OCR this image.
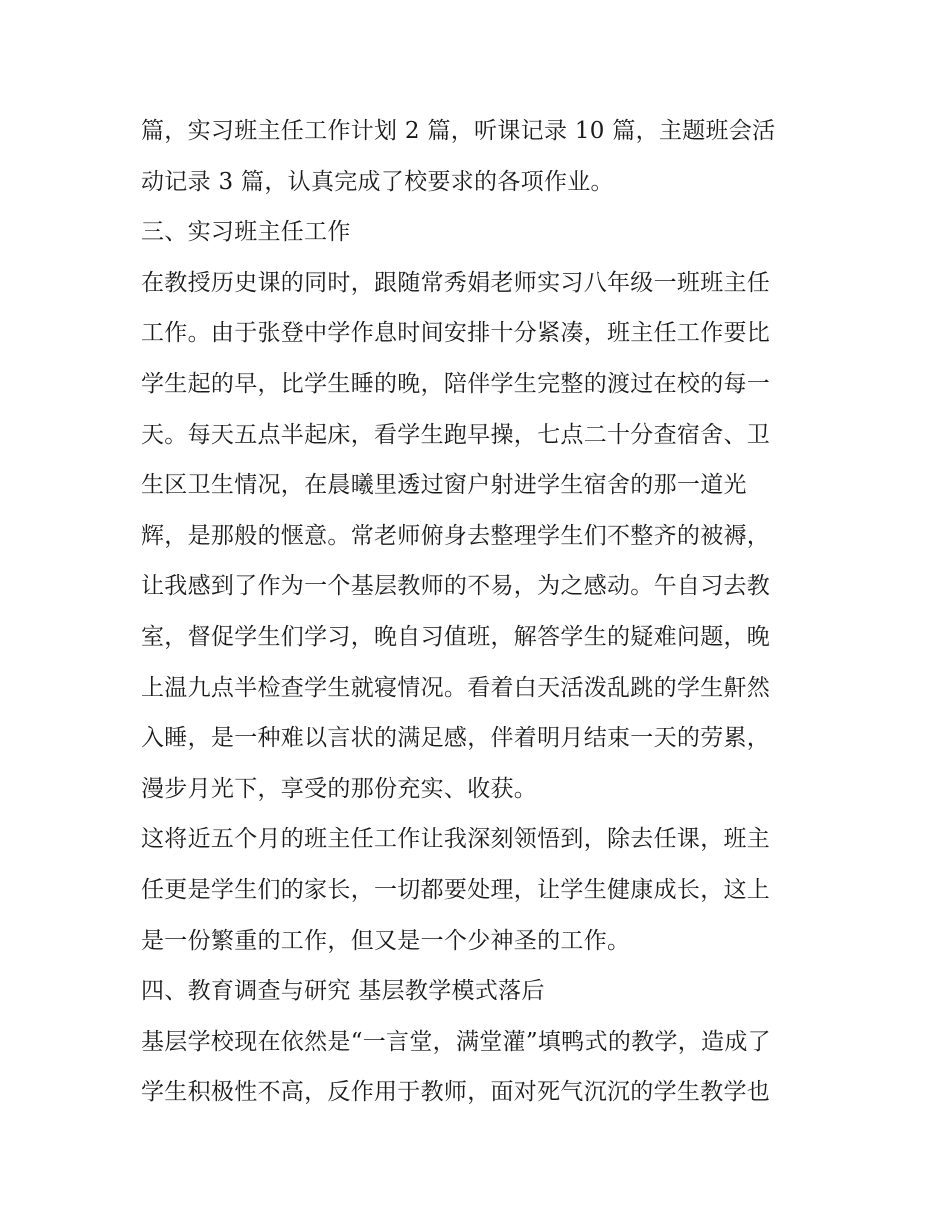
篇，实习班主任工作计划 2 篇，听课记录 10 篇，主题班会活
动记录 3 篇，认真完成了校要求的各项作业。
三、实习班主任工作
在教授历史课的同时，跟随常秀娟老师实习八年级一班班主任
工作。由于张登中学作息时间安排十分紧凑，班主任工作要比
学生起的早，比学生睡的晚，陪伴学生完整的渡过在校的每一
天。每天五点半起床，看学生跑早操，七点二十分查宿舍、卫
生区卫生情况，在晨曦里透过窗户射进学生宿舍的那一道光
辉，是那般的惬意。常老师俯身去整理学生们不整齐的被褥，
让我感到了作为一个基层教师的不易，为之感动。午自习去教
室，督促学生们学习，晚自习值班，解答学生的疑难问题，晚
上温九点半检查学生就寝情况。看着白天活泼乱跳的学生鼾然
入睡，是一种难以言状的满足感，伴着明月结束一天的劳累，
漫步月光下，享受的那份充实、收获。
这将近五个月的班主任工作让我深刻领悟到，除去任课，班主
任更是学生们的家长，一切都要处理，让学生健康成长，这上
是一份繁重的工作，但又是一个少神圣的工作。
四、教育调查与研究 基层教学模式落后
基层学校现在依然是“一言堂，满堂灌”填鸭式的教学，造成了
学生积极性不高，反作用于教师，面对死气沉沉的学生教学也
